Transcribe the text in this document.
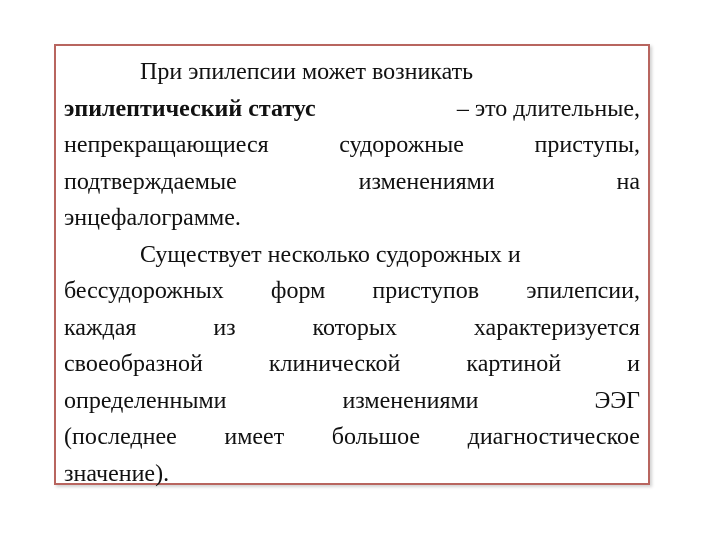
При эпилепсии может возникать
эпилептический статус	– это длительные,
непрекращающиеся	судорожные	приступы,
подтверждаемые	изменениями	на
энцефалограмме.
Существует несколько судорожных и
бессудорожных форм приступов эпилепсии,
каждая	из	которых	характеризуется
своеобразной	клинической	картиной	и
определенными	изменениями	ЭЭГ
(последнее имеет большое диагностическое
значение).
